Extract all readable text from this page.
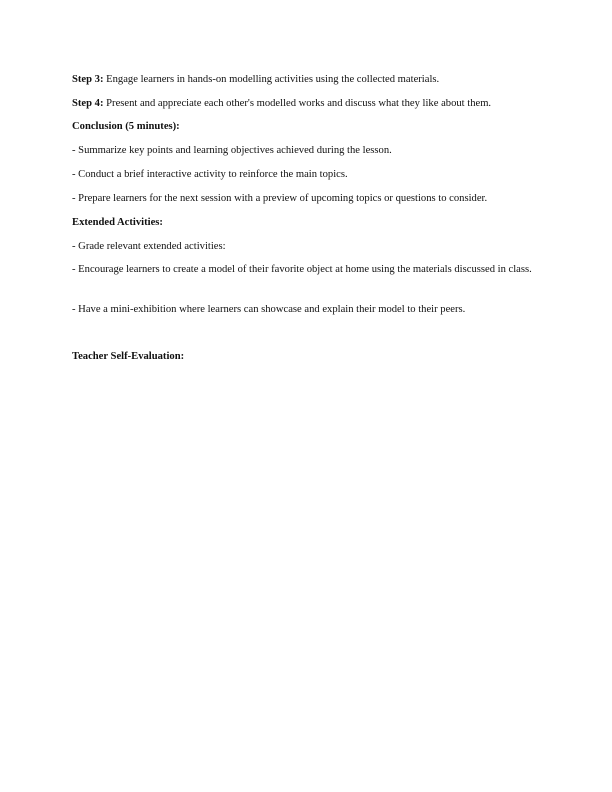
Step 3: Engage learners in hands-on modelling activities using the collected materials.
Step 4: Present and appreciate each other's modelled works and discuss what they like about them.
Conclusion (5 minutes):
- Summarize key points and learning objectives achieved during the lesson.
- Conduct a brief interactive activity to reinforce the main topics.
- Prepare learners for the next session with a preview of upcoming topics or questions to consider.
Extended Activities:
- Grade relevant extended activities:
- Encourage learners to create a model of their favorite object at home using the materials discussed in class.
- Have a mini-exhibition where learners can showcase and explain their model to their peers.
Teacher Self-Evaluation:
